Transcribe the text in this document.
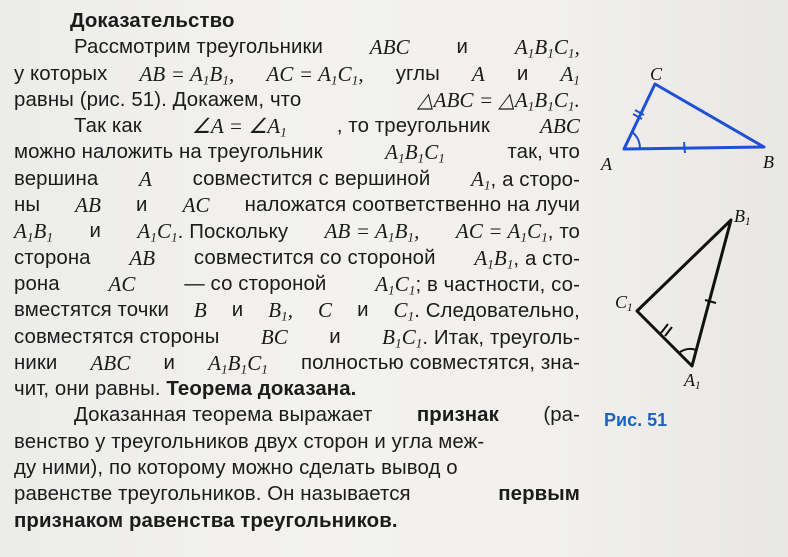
Доказательство
Рассмотрим треугольники ABC и $A_1B_1C_1$,
у которых AB = $A_1B_1$, AC = $A_1C_1$, углы A и $A_1$
равны (рис. 51). Докажем, что	△ABC = $\triangle A_1B_1C_1$.
Так как ∠A = $\angle A_1$ , то треугольник ABC
можно наложить на треугольник	$A_1B_1C_1$	так, что
вершина A совместится с вершиной $A_1$, а сторо-
ны AB и AC наложатся соответственно на лучи
$A_1B_1$ и $A_1C_1$. Поскольку AB = $A_1B_1$, AC = $A_1C_1$, то
сторона AB совместится со стороной $A_1B_1$, а сто-
рона AC — со стороной $A_1C_1$; в частности, со-
вместятся точки B и $B_1$, C и $C_1$. Следовательно,
совместятся стороны BC и $B_1C_1$. Итак, треуголь-
ники ABC и $A_1B_1C_1$ полностью совместятся, зна-
чит, они равны. Теорема доказана.
Доказанная теорема выражает признак (ра-
венство у треугольников двух сторон и угла меж-
ду ними), по которому можно сделать вывод о
равенстве треугольников. Он называется	первым
признаком равенства треугольников.
C
A	B
$B_1$
$C_1$
$A_1$
Рис. 51
